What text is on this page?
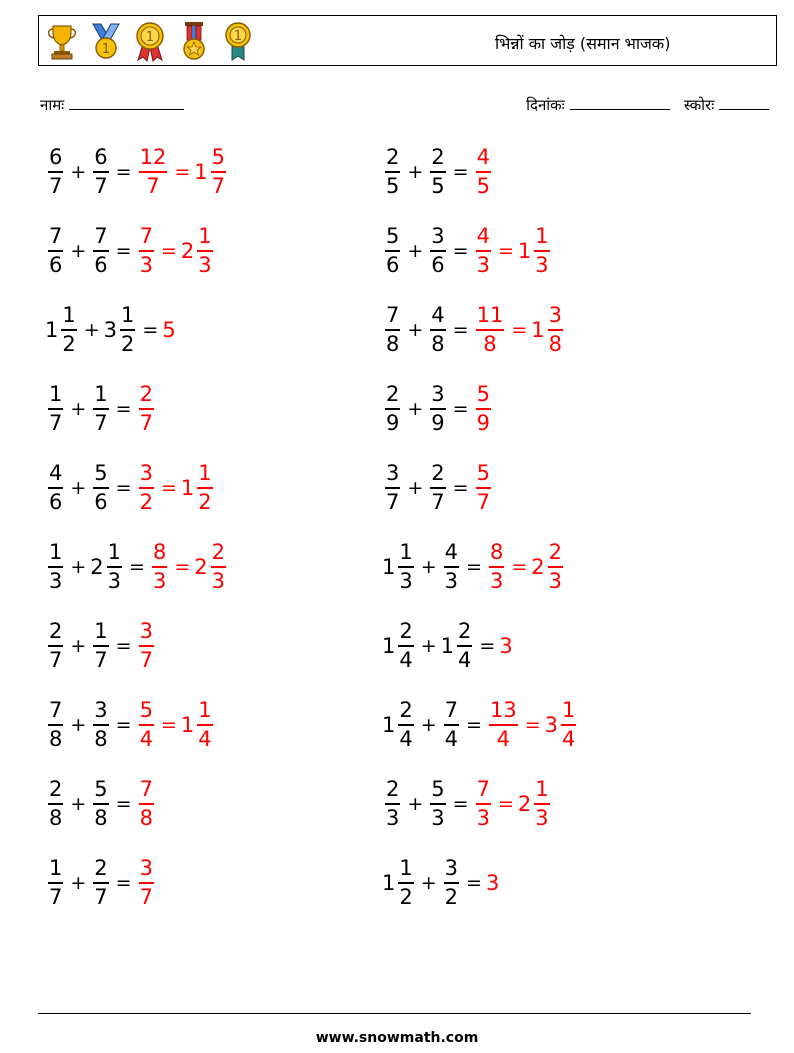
1
1	1	भिन्नों का जोड़ (समान भाजक)
नामः	दिनांकः	स्कोरः
$\frac{6}{7} + \frac{6}{7} = \frac{12}{7} = 1 \frac{5}{7}$	$\frac{2}{5} + \frac{2}{5} = \frac{4}{5}$
$\frac{7}{6} + \frac{7}{6} = \frac{7}{3} = 2 \frac{1}{3}$	$\frac{5}{6} + \frac{3}{6} = \frac{4}{3} = 1 \frac{1}{3}$
$1 \frac{1}{2} + 3 \frac{1}{2} = 5$	$\frac{7}{8} + \frac{4}{8} = \frac{11}{8} = 1 \frac{3}{8}$
$\frac{1}{7} + \frac{1}{7} = \frac{2}{7}$	$\frac{2}{9} + \frac{3}{9} = \frac{5}{9}$
$\frac{4}{6} + \frac{5}{6} = \frac{3}{2} = 1 \frac{1}{2}$	$\frac{3}{7} + \frac{2}{7} = \frac{5}{7}$
$\frac{1}{3} + 2 \frac{1}{3} = \frac{8}{3} = 2 \frac{2}{3}$	$1 \frac{1}{3} + \frac{4}{3} = \frac{8}{3} = 2 \frac{2}{3}$
$\frac{2}{7} + \frac{1}{7} = \frac{3}{7}$	$1 \frac{2}{4} + 1 \frac{2}{4} = 3$
$\frac{7}{8} + \frac{3}{8} = \frac{5}{4} = 1 \frac{1}{4}$	$1 \frac{2}{4} + \frac{7}{4} = \frac{13}{4} = 3 \frac{1}{4}$
$\frac{2}{8} + \frac{5}{8} = \frac{7}{8}$	$\frac{2}{3} + \frac{5}{3} = \frac{7}{3} = 2 \frac{1}{3}$
$\frac{1}{7} + \frac{2}{7} = \frac{3}{7}$	$1 \frac{1}{2} + \frac{3}{2} = 3$
www.snowmath.com
